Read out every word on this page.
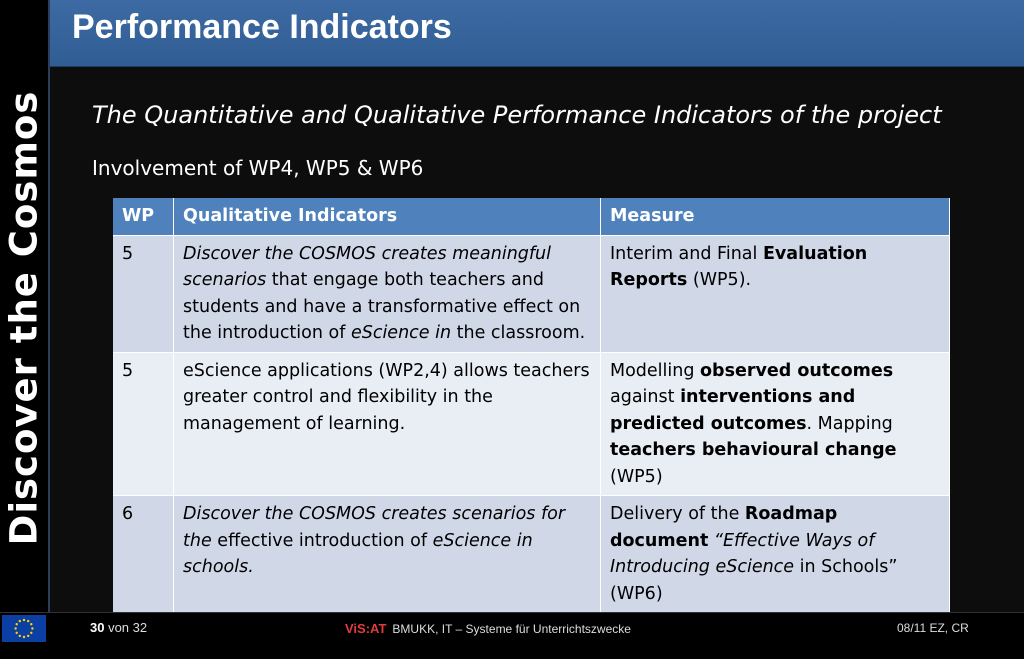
Discover the Cosmos
Performance Indicators
The Quantitative and Qualitative Performance Indicators of the project
Involvement of WP4, WP5 & WP6
WP	Qualitative Indicators	Measure
5	Discover the COSMOS creates meaningful scenarios that engage both teachers and students and have a transformative effect on the introduction of eScience in the classroom.	Interim and Final Evaluation Reports (WP5).
5	eScience applications (WP2,4) allows teachers greater control and flexibility in the management of learning.	Modelling observed outcomes against interventions and predicted outcomes. Mapping teachers behavioural change (WP5)
6	Discover the COSMOS creates scenarios for the effective introduction of eScience in schools.	Delivery of the Roadmap document “Effective Ways of Introducing eScience in Schools” (WP6)
30 von 32	ViS:AT BMUKK, IT – Systeme für Unterrichtszwecke	08/11 EZ, CR
